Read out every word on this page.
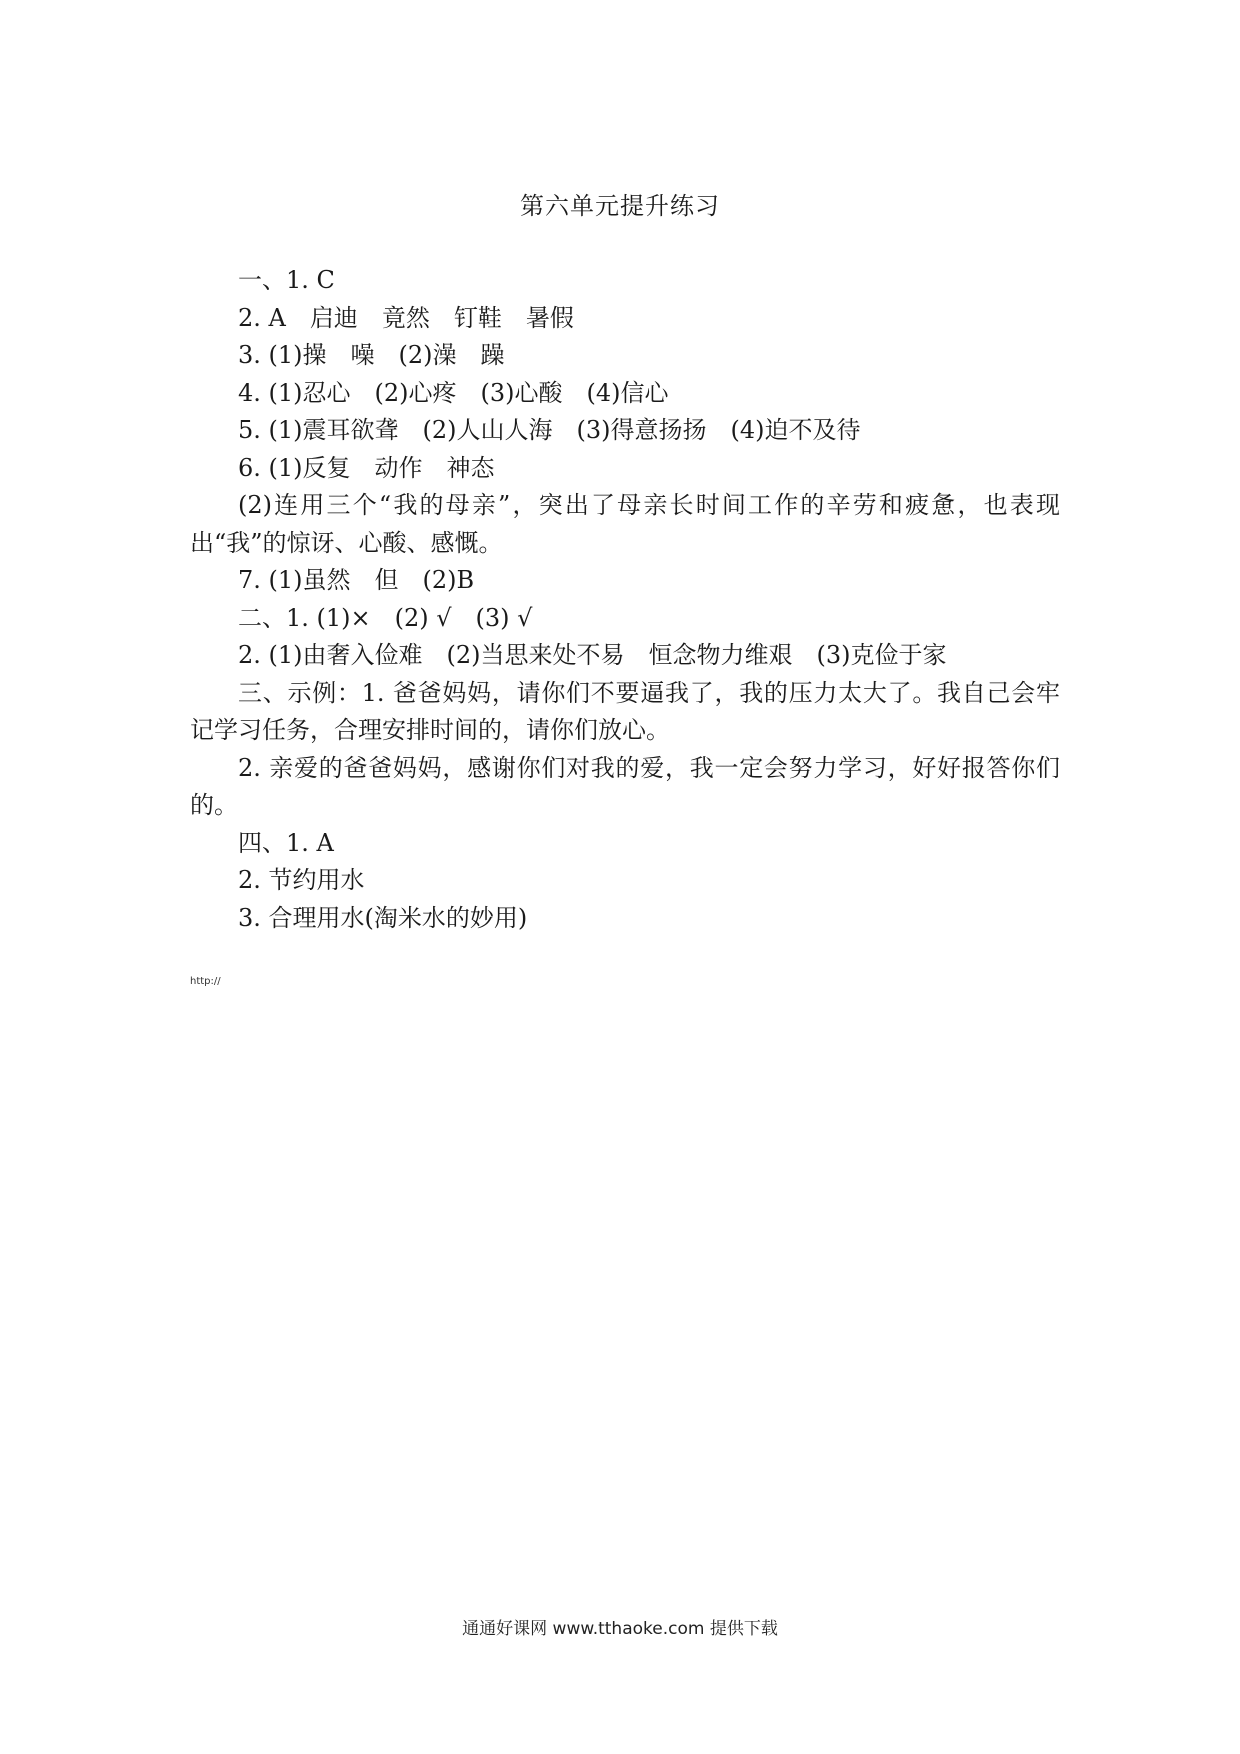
第六单元提升练习
一、1. C
2. A　启迪　竟然　钉鞋　暑假
3. (1)操　噪　(2)澡　躁
4. (1)忍心　(2)心疼　(3)心酸　(4)信心
5. (1)震耳欲聋　(2)人山人海　(3)得意扬扬　(4)迫不及待
6. (1)反复　动作　神态
(2)连用三个“我的母亲”，突出了母亲长时间工作的辛劳和疲惫，也表现出“我”的惊讶、心酸、感慨。
7. (1)虽然　但　(2)B
二、1. (1)×　(2) √　(3) √
2. (1)由奢入俭难　(2)当思来处不易　恒念物力维艰　(3)克俭于家
三、示例：1. 爸爸妈妈，请你们不要逼我了，我的压力太大了。我自己会牢记学习任务，合理安排时间的，请你们放心。
2. 亲爱的爸爸妈妈，感谢你们对我的爱，我一定会努力学习，好好报答你们的。
四、1. A
2. 节约用水
3. 合理用水(淘米水的妙用)
http://
通通好课网 www.tthaoke.com 提供下载
